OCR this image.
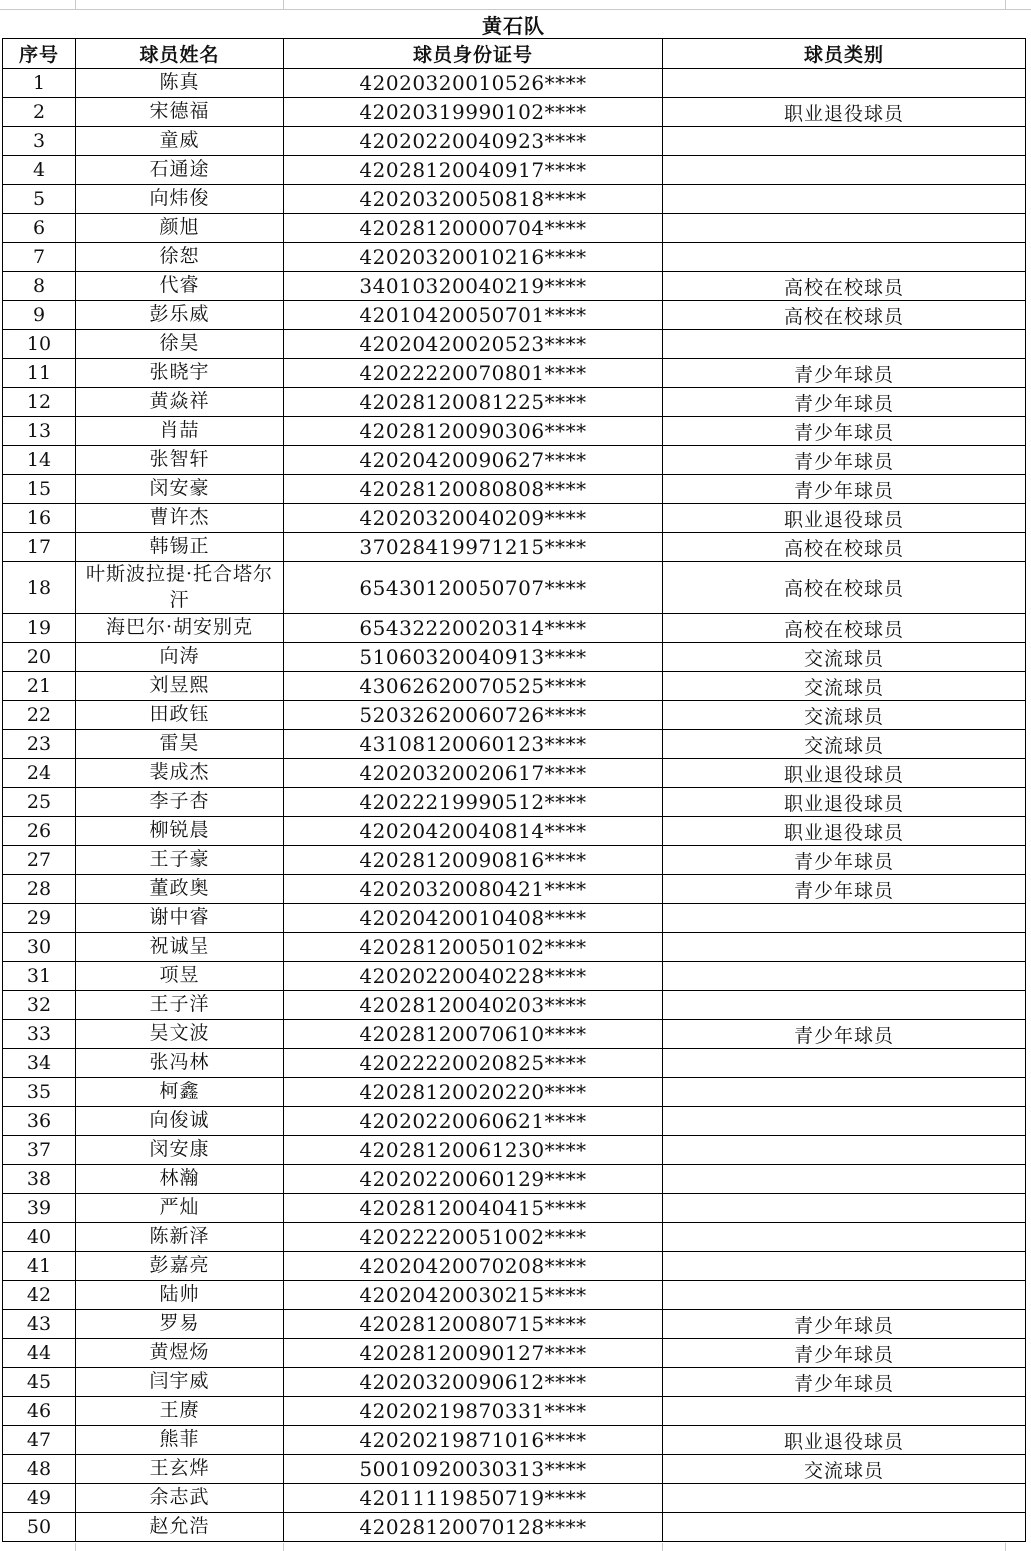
黄石队
序号	球员姓名	球员身份证号	球员类别
1	陈真	42020320010526****	
2	宋德福	42020319990102****	职业退役球员
3	童威	42020220040923****	
4	石通途	42028120040917****	
5	向炜俊	42020320050818****	
6	颜旭	42028120000704****	
7	徐恕	42020320010216****	
8	代睿	34010320040219****	高校在校球员
9	彭乐威	42010420050701****	高校在校球员
10	徐昊	42020420020523****	
11	张晓宇	42022220070801****	青少年球员
12	黄焱祥	42028120081225****	青少年球员
13	肖喆	42028120090306****	青少年球员
14	张智轩	42020420090627****	青少年球员
15	闵安豪	42028120080808****	青少年球员
16	曹许杰	42020320040209****	职业退役球员
17	韩锡正	37028419971215****	高校在校球员
18	叶斯波拉提·托合塔尔汗	65430120050707****	高校在校球员
19	海巴尔·胡安别克	65432220020314****	高校在校球员
20	向涛	51060320040913****	交流球员
21	刘昱熙	43062620070525****	交流球员
22	田政钰	52032620060726****	交流球员
23	雷昊	43108120060123****	交流球员
24	裴成杰	42020320020617****	职业退役球员
25	李子杏	42022219990512****	职业退役球员
26	柳锐晨	42020420040814****	职业退役球员
27	王子豪	42028120090816****	青少年球员
28	董政奥	42020320080421****	青少年球员
29	谢中睿	42020420010408****	
30	祝诚呈	42028120050102****	
31	项昱	42020220040228****	
32	王子洋	42028120040203****	
33	吴文波	42028120070610****	青少年球员
34	张冯林	42022220020825****	
35	柯鑫	42028120020220****	
36	向俊诚	42020220060621****	
37	闵安康	42028120061230****	
38	林瀚	42020220060129****	
39	严灿	42028120040415****	
40	陈新泽	42022220051002****	
41	彭嘉亮	42020420070208****	
42	陆帅	42020420030215****	
43	罗易	42028120080715****	青少年球员
44	黄煜炀	42028120090127****	青少年球员
45	闫宇威	42020320090612****	青少年球员
46	王赓	42020219870331****	
47	熊菲	42020219871016****	职业退役球员
48	王玄烨	50010920030313****	交流球员
49	余志武	42011119850719****	
50	赵允浩	42028120070128****	
